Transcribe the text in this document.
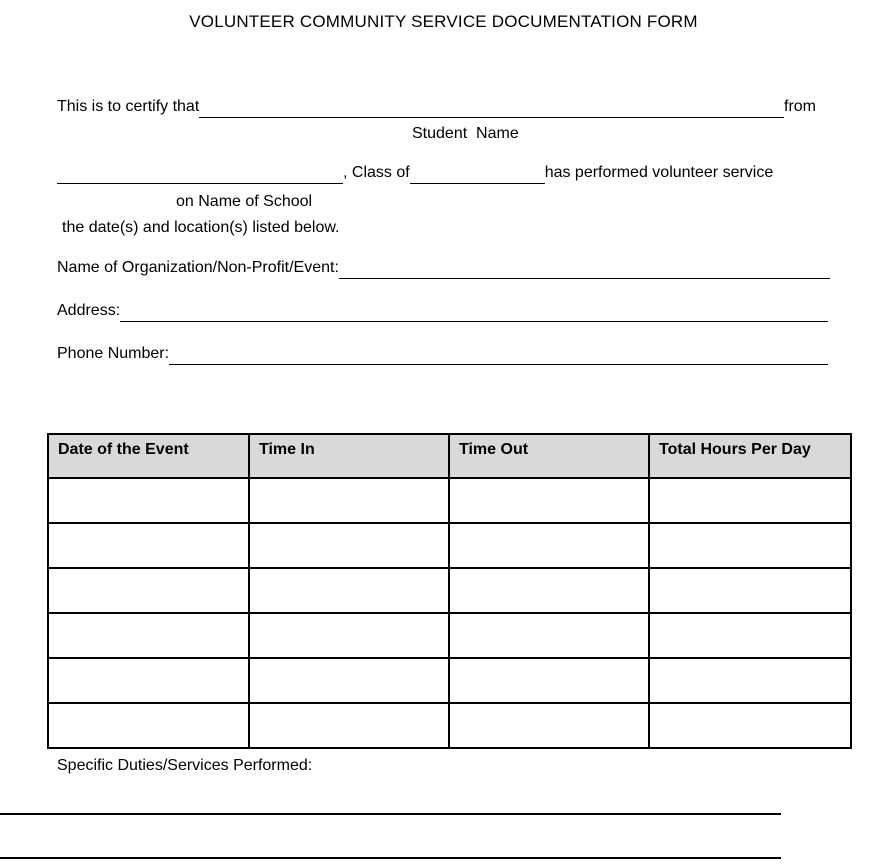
VOLUNTEER COMMUNITY SERVICE DOCUMENTATION FORM
This is to certify that	from
Student  Name
, Class of	has performed volunteer service
on Name of School
the date(s) and location(s) listed below.
Name of Organization/Non-Profit/Event:
Address:
Phone Number:
Date of the Event	Time In	Time Out	Total Hours Per Day

Specific Duties/Services Performed:
